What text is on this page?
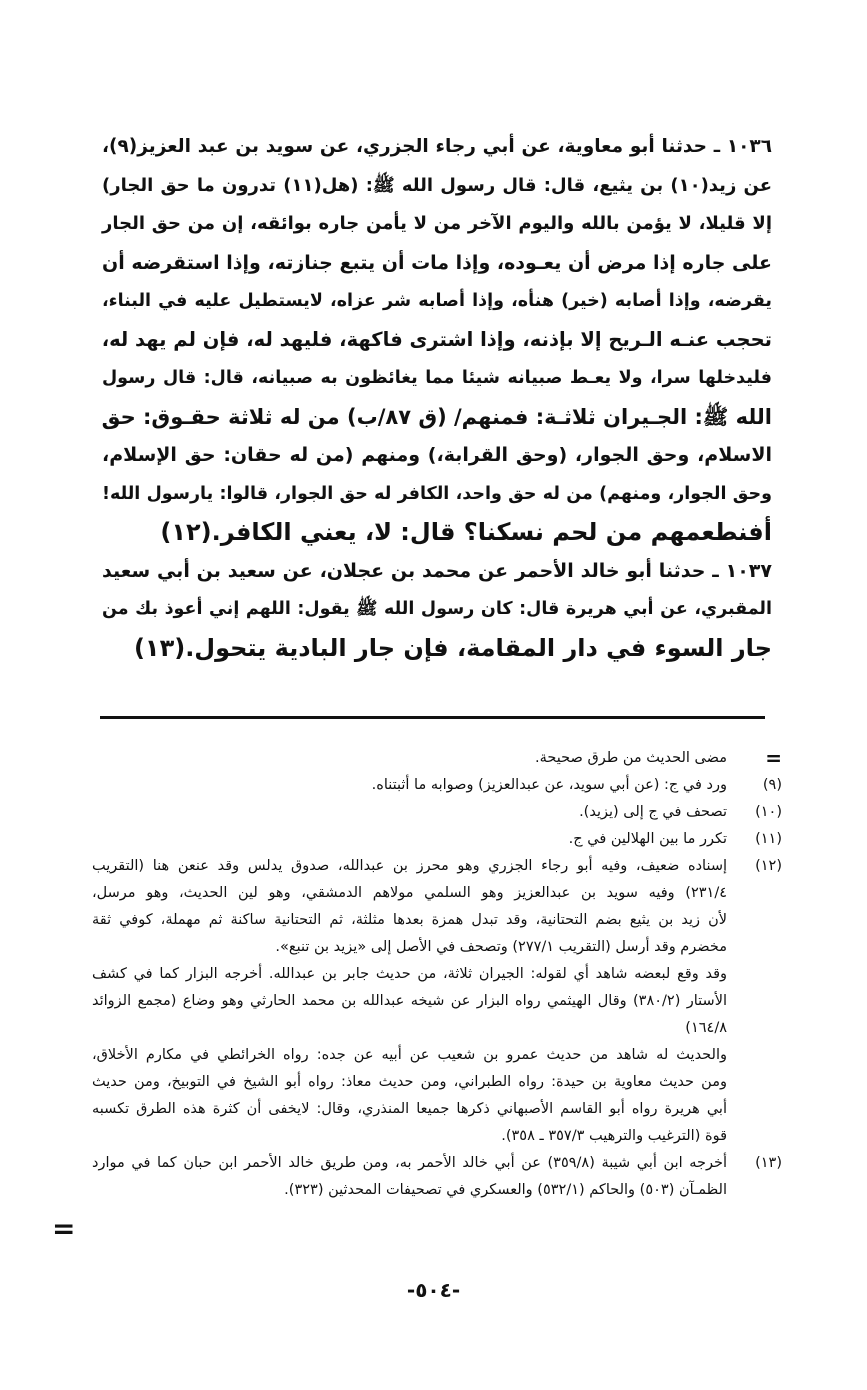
١٠٣٦ ـ حدثنا أبو معاوية، عن أبي رجاء الجزري، عن سويد بن عبد العزيز(٩)،
عن زيد(١٠) بن يثيع، قال: قال رسول الله ﷺ: (هل(١١) تدرون ما حق الجار)
إلا قليلا، لا يؤمن بالله واليوم الآخر من لا يأمن جاره بوائقه، إن من حق الجار
على جاره إذا مرض أن يعـوده، وإذا مات أن يتبع جنازته، وإذا استقرضه أن
يقرضه، وإذا أصابه (خير) هنأه، وإذا أصابه شر عزاه، لايستطيل عليه في البناء،
تحجب عنـه الـريح إلا بإذنه، وإذا اشترى فاكهة، فليهد له، فإن لم يهد له،
فليدخلها سرا، ولا يعـط صبيانه شيئا مما يغائظون به صبيانه، قال: قال رسول
الله ﷺ: الجـيران ثلاثـة: فمنهم/ (ق ٨٧/ب) من له ثلاثة حقـوق: حق
الاسلام، وحق الجوار، (وحق القرابة،) ومنهم (من له حقان: حق الإسلام،
وحق الجوار، ومنهم) من له حق واحد، الكافر له حق الجوار، قالوا: يارسول الله!
أفنطعمهم من لحم نسكنا؟ قال: لا، يعني الكافر.(١٢)
١٠٣٧ ـ حدثنا أبو خالد الأحمر عن محمد بن عجلان، عن سعيد بن أبي سعيد
المقبري، عن أبي هريرة قال: كان رسول الله ﷺ يقول: اللهم إني أعوذ بك من
جار السوء في دار المقامة، فإن جار البادية يتحول.(١٣)
=
مضى الحديث من طرق صحيحة.
(٩)
ورد في ج: (عن أبي سويد، عن عبدالعزيز) وصوابه ما أثبتناه.
(١٠)
تصحف في ج إلى (يزيد).
(١١)
تكرر ما بين الهلالين في ج.
(١٢)
إسناده ضعيف، وفيه أبو رجاء الجزري وهو محرز بن عبدالله، صدوق يدلس وقد عنعن هنا (التقريب
٢٣١/٤) وفيه سويد بن عبدالعزيز وهو السلمي مولاهم الدمشقي، وهو لين الحديث، وهو مرسل،
لأن زيد بن يثيع بضم التحتانية، وقد تبدل همزة بعدها مثلثة، ثم التحتانية ساكنة ثم مهملة، كوفي ثقة
مخضرم وقد أرسل (التقريب ٢٧٧/١) وتصحف في الأصل إلى «يزيد بن تنبع».
وقد وقع لبعضه شاهد أي لقوله: الجيران ثلاثة، من حديث جابر بن عبدالله. أخرجه البزار كما في كشف
الأستار (٣٨٠/٢) وقال الهيثمي رواه البزار عن شيخه عبدالله بن محمد الحارثي وهو وضاع (مجمع الزوائد
١٦٤/٨)
والحديث له شاهد من حديث عمرو بن شعيب عن أبيه عن جده: رواه الخرائطي في مكارم الأخلاق،
ومن حديث معاوية بن حيدة: رواه الطبراني، ومن حديث معاذ: رواه أبو الشيخ في التوبيخ، ومن حديث
أبي هريرة رواه أبو القاسم الأصبهاني ذكرها جميعا المنذري، وقال: لايخفى أن كثرة هذه الطرق تكسبه
قوة (الترغيب والترهيب ٣٥٧/٣ ـ ٣٥٨).
(١٣)
أخرجه ابن أبي شيبة (٣٥٩/٨) عن أبي خالد الأحمر به، ومن طريق خالد الأحمر ابن حبان كما في موارد
الظمـآن (٥٠٣) والحاكم (٥٣٢/١) والعسكري في تصحيفات المحدثين (٣٢٣).
=
-٥٠٤-
